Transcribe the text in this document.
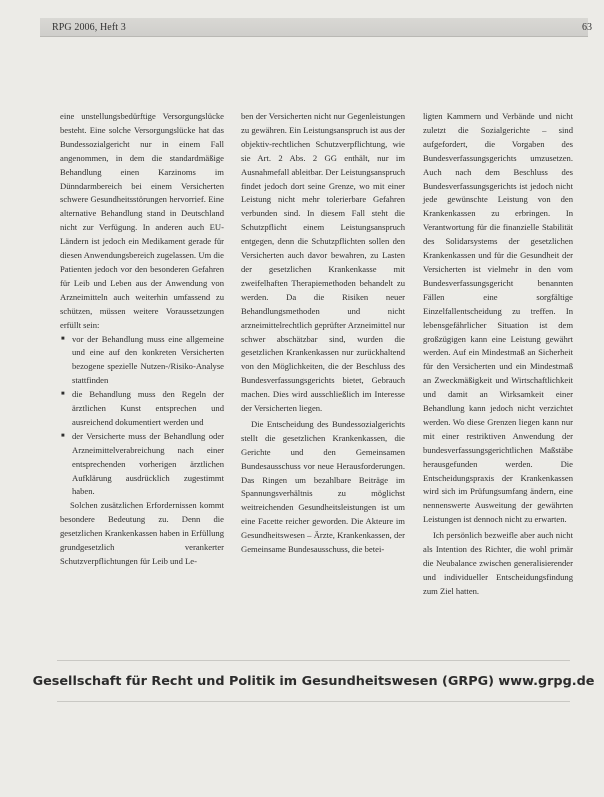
RPG 2006, Heft 3	63

eine unstellungsbedürftige Versorgungslücke besteht. Eine solche Versorgungslücke hat das Bundessozialgericht nur in einem Fall angenommen, in dem die standardmäßige Behandlung einen Karzinoms im Dünndarmbereich bei einem Versicherten schwere Gesundheitsstörungen hervorrief. Eine alternative Behandlung stand in Deutschland nicht zur Verfügung. In anderen auch EU-Ländern ist jedoch ein Medikament gerade für diesen Anwendungsbereich zugelassen. Um die Patienten jedoch vor den besonderen Gefahren für Leib und Leben aus der Anwendung von Arzneimitteln auch weiterhin umfassend zu schützen, müssen weitere Voraussetzungen erfüllt sein:

■ vor der Behandlung muss eine allgemeine und eine auf den konkreten Versicherten bezogene spezielle Nutzen-/Risiko-Analyse stattfinden
■ die Behandlung muss den Regeln der ärztlichen Kunst entsprechen und ausreichend dokumentiert werden und
■ der Versicherte muss der Behandlung oder Arzneimittelverabreichung nach einer entsprechenden vorherigen ärztlichen Aufklärung ausdrücklich zugestimmt haben.

Solchen zusätzlichen Erfordernissen kommt besondere Bedeutung zu. Denn die gesetzlichen Krankenkassen haben in Erfüllung grundgesetzlich verankerter Schutzverpflichtungen für Leib und Le-

ben der Versicherten nicht nur Gegenleistungen zu gewähren. Ein Leistungsanspruch ist aus der objektiv-rechtlichen Schutzverpflichtung, wie sie Art. 2 Abs. 2 GG enthält, nur im Ausnahmefall ableitbar. Der Leistungsanspruch findet jedoch dort seine Grenze, wo mit einer Leistung nicht mehr tolerierbare Gefahren verbunden sind. In diesem Fall steht die Schutzpflicht einem Leistungsanspruch entgegen, denn die Schutzpflichten sollen den Versicherten auch davor bewahren, zu Lasten der gesetzlichen Krankenkasse mit zweifelhaften Therapiemethoden behandelt zu werden. Da die Risiken neuer Behandlungsmethoden und nicht arzneimittelrechtlich geprüfter Arzneimittel nur schwer abschätzbar sind, wurden die gesetzlichen Krankenkassen nur zurückhaltend von den Möglichkeiten, die der Beschluss des Bundesverfassungsgerichts bietet, Gebrauch machen. Dies wird ausschließlich im Interesse der Versicherten liegen.

Die Entscheidung des Bundessozialgerichts stellt die gesetzlichen Krankenkassen, die Gerichte und den Gemeinsamen Bundesausschuss vor neue Herausforderungen. Das Ringen um bezahlbare Beiträge im Spannungsverhältnis zu möglichst weitreichenden Gesundheitsleistungen ist um eine Facette reicher geworden. Die Akteure im Gesundheitswesen – Ärzte, Krankenkassen, der Gemeinsame Bundesausschuss, die betei-

ligten Kammern und Verbände und nicht zuletzt die Sozialgerichte – sind aufgefordert, die Vorgaben des Bundesverfassungsgerichts umzusetzen. Auch nach dem Beschluss des Bundesverfassungsgerichts ist jedoch nicht jede gewünschte Leistung von den Krankenkassen zu erbringen. In Verantwortung für die finanzielle Stabilität des Solidarsystems der gesetzlichen Krankenkassen und für die Gesundheit der Versicherten ist vielmehr in den vom Bundesverfassungsgericht benannten Fällen eine sorgfältige Einzelfallentscheidung zu treffen. In lebensgefährlicher Situation ist dem großzügigen kann eine Leistung gewährt werden. Auf ein Mindestmaß an Sicherheit für den Versicherten und ein Mindestmaß an Zweckmäßigkeit und Wirtschaftlichkeit und damit an Wirksamkeit einer Behandlung kann jedoch nicht verzichtet werden. Wo diese Grenzen liegen kann nur mit einer restriktiven Anwendung der bundesverfassungsgerichtlichen Maßstäbe herausgefunden werden. Die Entscheidungspraxis der Krankenkassen wird sich im Prüfungsumfang ändern, eine nennenswerte Ausweitung der gewährten Leistungen ist dennoch nicht zu erwarten.

Ich persönlich bezweifle aber auch nicht als Intention des Richter, die wohl primär die Neubalance zwischen generalisierender und individueller Entscheidungsfindung zum Ziel hatten.

Gesellschaft für Recht und Politik im Gesundheitswesen (GRPG) www.grpg.de
